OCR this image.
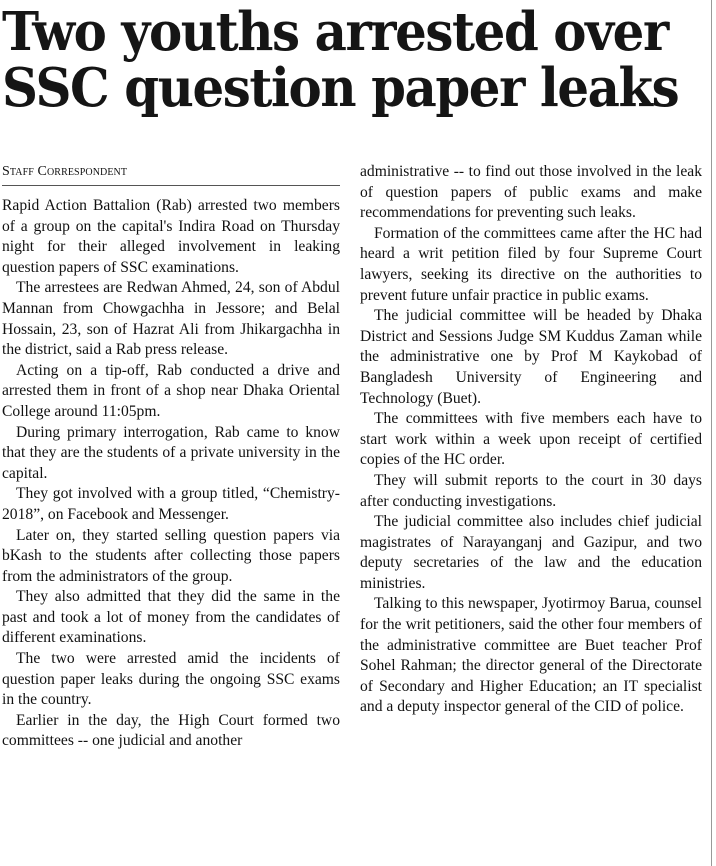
Two youths arrested over
SSC question paper leaks
Staff Correspondent

Rapid Action Battalion (Rab) arrested two members of a group on the capital's Indira Road on Thursday night for their alleged involvement in leaking question papers of SSC examinations.

The arrestees are Redwan Ahmed, 24, son of Abdul Mannan from Chowgachha in Jessore; and Belal Hossain, 23, son of Hazrat Ali from Jhikargachha in the district, said a Rab press release.

Acting on a tip-off, Rab conducted a drive and arrested them in front of a shop near Dhaka Oriental College around 11:05pm.

During primary interrogation, Rab came to know that they are the students of a private university in the capital.

They got involved with a group titled, “Chemistry-2018”, on Facebook and Messenger.

Later on, they started selling question papers via bKash to the students after collecting those papers from the administrators of the group.

They also admitted that they did the same in the past and took a lot of money from the candidates of different examinations.

The two were arrested amid the incidents of question paper leaks during the ongoing SSC exams in the country.

Earlier in the day, the High Court formed two committees -- one judicial and another

administrative -- to find out those involved in the leak of question papers of public exams and make recommendations for preventing such leaks.

Formation of the committees came after the HC had heard a writ petition filed by four Supreme Court lawyers, seeking its directive on the authorities to prevent future unfair practice in public exams.

The judicial committee will be headed by Dhaka District and Sessions Judge SM Kuddus Zaman while the administrative one by Prof M Kaykobad of Bangladesh University of Engineering and Technology (Buet).

The committees with five members each have to start work within a week upon receipt of certified copies of the HC order.

They will submit reports to the court in 30 days after conducting investigations.

The judicial committee also includes chief judicial magistrates of Narayanganj and Gazipur, and two deputy secretaries of the law and the education ministries.

Talking to this newspaper, Jyotirmoy Barua, counsel for the writ petitioners, said the other four members of the administrative committee are Buet teacher Prof Sohel Rahman; the director general of the Directorate of Secondary and Higher Education; an IT specialist and a deputy inspector general of the CID of police.
